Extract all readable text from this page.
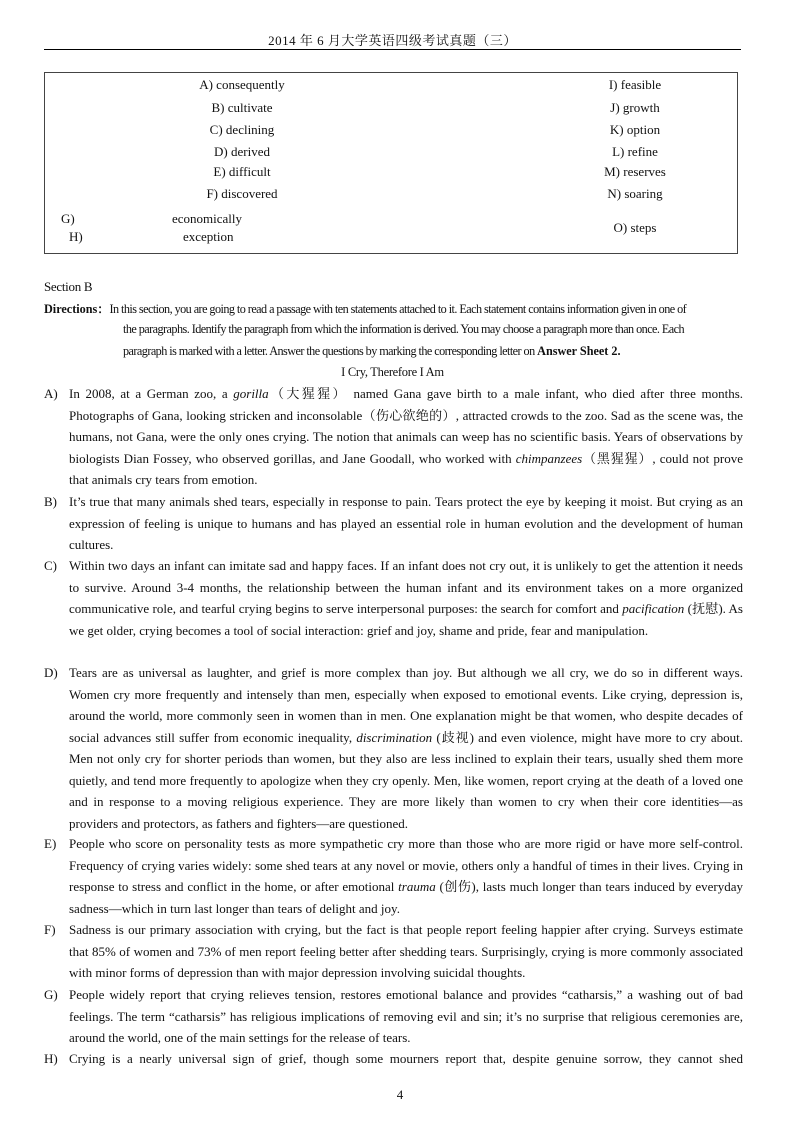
2014 年 6 月大学英语四级考试真题（三）
A) consequently
B) cultivate
C) declining
D) derived
E) difficult
F) discovered
G)
H)
economically
exception
I) feasible
J) growth
K) option
L) refine
M) reserves
N) soaring
O) steps
Section B
Directions：In this section, you are going to read a passage with ten statements attached to it. Each statement contains information given in one of
the paragraphs. Identify the paragraph from which the information is derived. You may choose a paragraph more than once. Each
paragraph is marked with a letter. Answer the questions by marking the corresponding letter on Answer Sheet 2.
I Cry, Therefore I Am
A) In 2008, at a German zoo, a gorilla（大猩猩） named Gana gave birth to a male infant, who died after three months. Photographs of Gana, looking stricken and inconsolable（伤心欲绝的）, attracted crowds to the zoo. Sad as the scene was, the humans, not Gana, were the only ones crying. The notion that animals can weep has no scientific basis. Years of observations by biologists Dian Fossey, who observed gorillas, and Jane Goodall, who worked with chimpanzees（黑猩猩）, could not prove that animals cry tears from emotion.
B) It’s true that many animals shed tears, especially in response to pain. Tears protect the eye by keeping it moist. But crying as an expression of feeling is unique to humans and has played an essential role in human evolution and the development of human cultures.
C) Within two days an infant can imitate sad and happy faces. If an infant does not cry out, it is unlikely to get the attention it needs to survive. Around 3-4 months, the relationship between the human infant and its environment takes on a more organized communicative role, and tearful crying begins to serve interpersonal purposes: the search for comfort and pacification (抚慰). As we get older, crying becomes a tool of social interaction: grief and joy, shame and pride, fear and manipulation.
D) Tears are as universal as laughter, and grief is more complex than joy. But although we all cry, we do so in different ways. Women cry more frequently and intensely than men, especially when exposed to emotional events. Like crying, depression is, around the world, more commonly seen in women than in men. One explanation might be that women, who despite decades of social advances still suffer from economic inequality, discrimination (歧视) and even violence, might have more to cry about. Men not only cry for shorter periods than women, but they also are less inclined to explain their tears, usually shed them more quietly, and tend more frequently to apologize when they cry openly. Men, like women, report crying at the death of a loved one and in response to a moving religious experience. They are more likely than women to cry when their core identities—as providers and protectors, as fathers and fighters—are questioned.
E) People who score on personality tests as more sympathetic cry more than those who are more rigid or have more self-control. Frequency of crying varies widely: some shed tears at any novel or movie, others only a handful of times in their lives. Crying in response to stress and conflict in the home, or after emotional trauma (创伤), lasts much longer than tears induced by everyday sadness—which in turn last longer than tears of delight and joy.
F) Sadness is our primary association with crying, but the fact is that people report feeling happier after crying. Surveys estimate that 85% of women and 73% of men report feeling better after shedding tears. Surprisingly, crying is more commonly associated with minor forms of depression than with major depression involving suicidal thoughts.
G) People widely report that crying relieves tension, restores emotional balance and provides “catharsis,” a washing out of bad feelings. The term “catharsis” has religious implications of removing evil and sin; it’s no surprise that religious ceremonies are, around the world, one of the main settings for the release of tears.
H) Crying is a nearly universal sign of grief, though some mourners report that, despite genuine sorrow, they cannot shed
4
